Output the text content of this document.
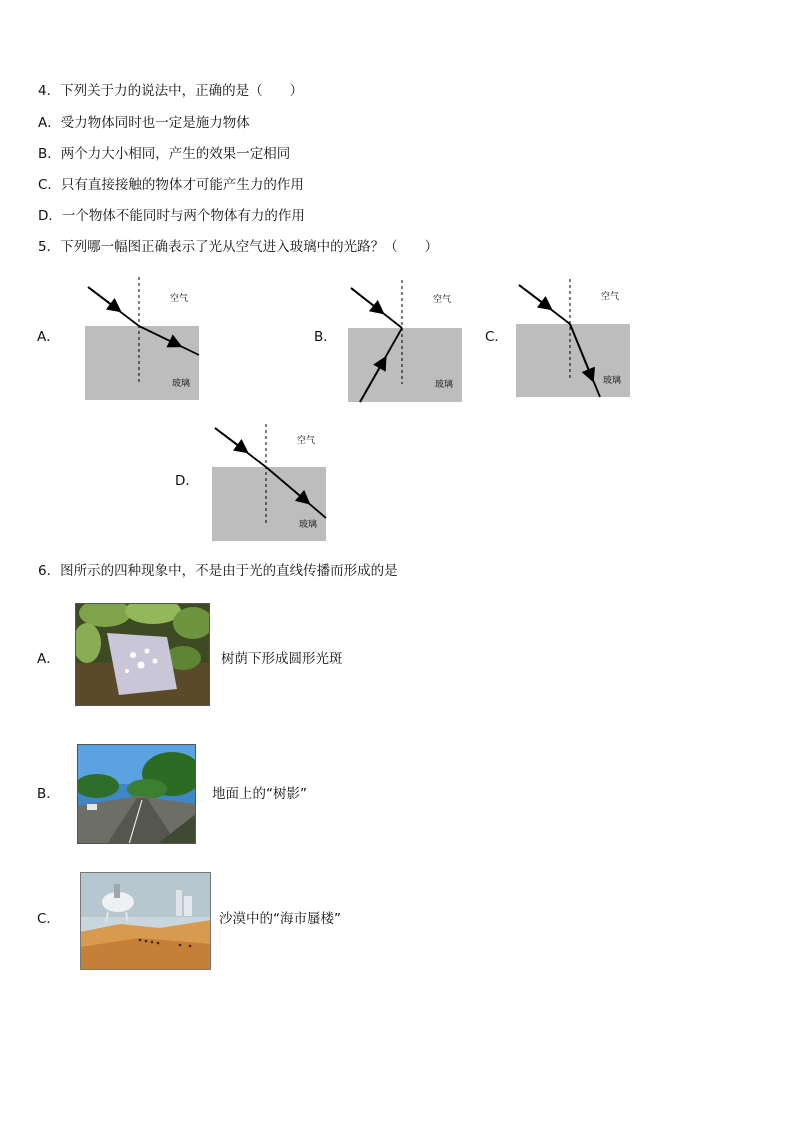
4．下列关于力的说法中，正确的是（　　）
A．受力物体同时也一定是施力物体
B．两个力大小相同，产生的效果一定相同
C．只有直接接触的物体才可能产生力的作用
D．一个物体不能同时与两个物体有力的作用
5．下列哪一幅图正确表示了光从空气进入玻璃中的光路？（　　）
A．	B．	C．
D．
空气
玻璃
空气
玻璃
空气
玻璃
空气
玻璃
6．图所示的四种现象中，不是由于光的直线传播而形成的是
A．	树荫下形成圆形光斑
B．	地面上的“树影”
C．	沙漠中的“海市蜃楼”
